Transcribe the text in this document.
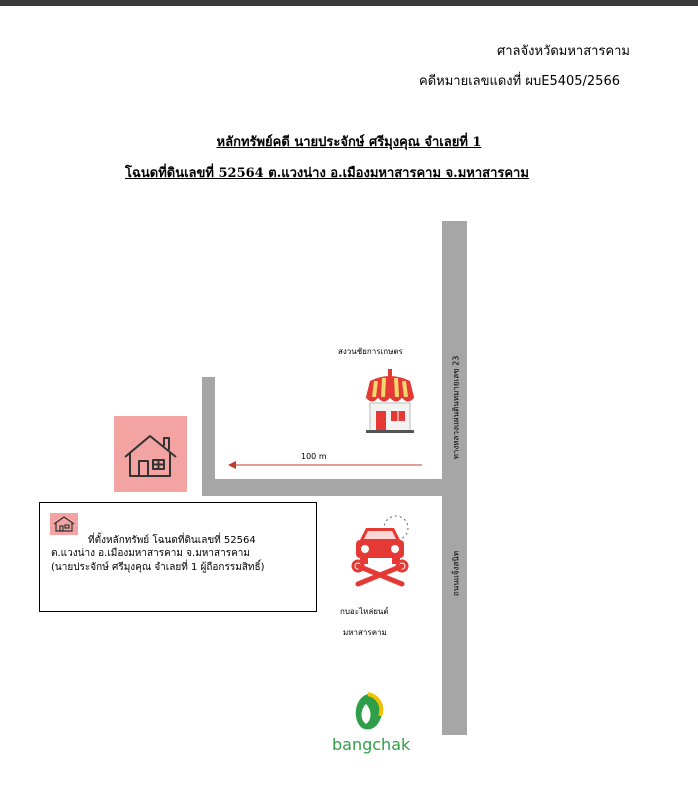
ศาลจังหวัดมหาสารคาม
คดีหมายเลขแดงที่ ผบE5405/2566
หลักทรัพย์คดี นายประจักษ์ ศรีมุงคุณ จำเลยที่ 1
โฉนดที่ดินเลขที่ 52564 ต.แวงน่าง อ.เมืองมหาสารคาม จ.มหาสารคาม
ทางหลวงแผ่นดินหมายเลข 23
ถนนแจ้งสนิท
100 m
สงวนชัยการเกษตร
กบอะไหล่ยนต์
มหาสารคาม
ที่ตั้งหลักทรัพย์ โฉนดที่ดินเลขที่ 52564
ต.แวงน่าง อ.เมืองมหาสารคาม จ.มหาสารคาม
(นายประจักษ์ ศรีมุงคุณ จำเลยที่ 1 ผู้ถือกรรมสิทธิ์)
bangchak
